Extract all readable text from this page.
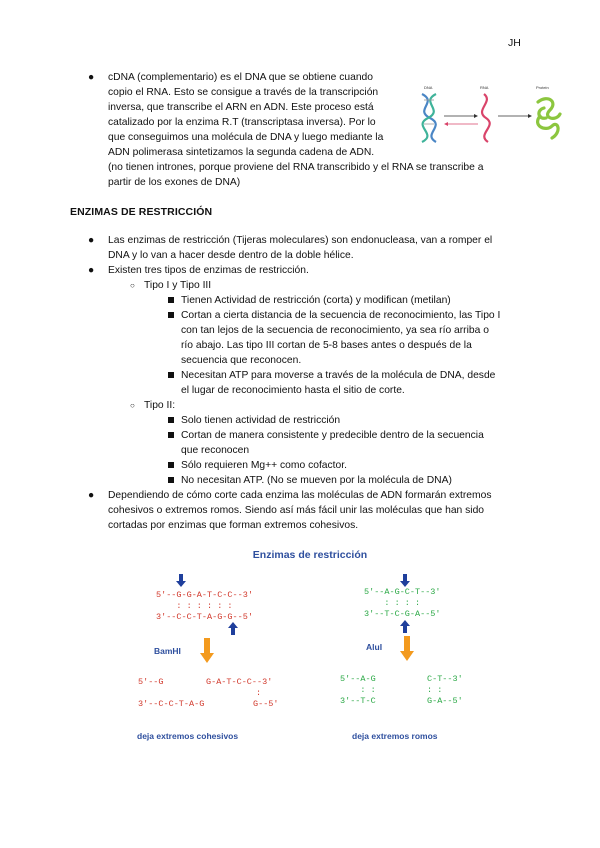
JH
● cDNA (complementario) es el DNA que se obtiene cuando
copio el RNA. Esto se consigue a través de la transcripción
inversa, que transcribe el ARN en ADN. Este proceso está
catalizado por la enzima R.T (transcriptasa inversa). Por lo
que conseguimos una molécula de DNA y luego mediante la
ADN polimerasa sintetizamos la segunda cadena de ADN.
(no tienen intrones, porque proviene del RNA transcribido y el RNA se transcribe a
partir de los exones de DNA)
DNA	RNA	Protein
ENZIMAS DE RESTRICCIÓN
● Las enzimas de restricción (Tijeras moleculares) son endonucleasa, van a romper el
DNA y lo van a hacer desde dentro de la doble hélice.
● Existen tres tipos de enzimas de restricción.
○ Tipo I y Tipo III
Tienen Actividad de restricción (corta) y modifican (metilan)
Cortan a cierta distancia de la secuencia de reconocimiento, las Tipo I
con tan lejos de la secuencia de reconocimiento, ya sea río arriba o
río abajo. Las tipo III cortan de 5-8 bases antes o después de la
secuencia que reconocen.
Necesitan ATP para moverse a través de la molécula de DNA, desde
el lugar de reconocimiento hasta el sitio de corte.
○ Tipo II:
Solo tienen actividad de restricción
Cortan de manera consistente y predecible dentro de la secuencia
que reconocen
Sólo requieren Mg++ como cofactor.
No necesitan ATP. (No se mueven por la molécula de DNA)
● Dependiendo de cómo corte cada enzima las moléculas de ADN formarán extremos
cohesivos o extremos romos. Siendo así más fácil unir las moléculas que han sido
cortadas por enzimas que forman extremos cohesivos.
Enzimas de restricción
5'--G-G-A-T-C-C--3'
: : : : : :
3'--C-C-T-A-G-G--5'
BamHI
5'--G	G-A-T-C-C--3'
:
3'--C-C-T-A-G	G--5'
deja extremos cohesivos
5'--A-G-C-T--3'
: : : :
3'--T-C-G-A--5'
AluI
5'--A-G
: :
3'--T-C
C-T--3'
: :
G-A--5'
deja extremos romos
